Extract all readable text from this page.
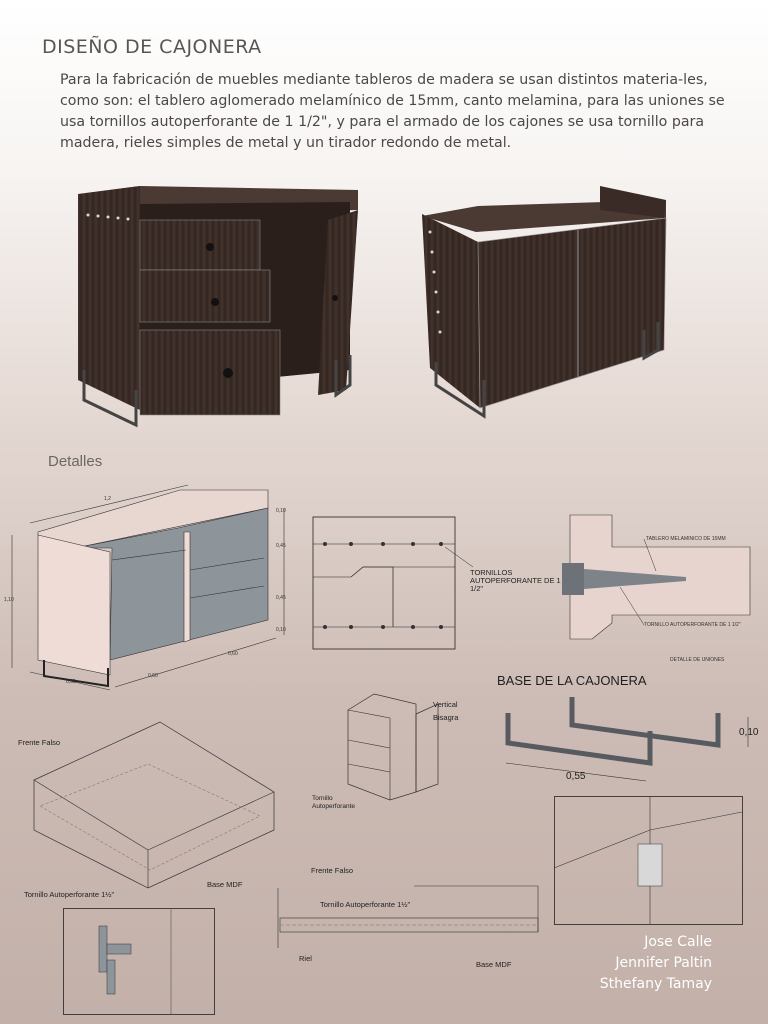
DISEÑO DE CAJONERA
Para la fabricación de muebles mediante tableros de madera se usan distintos materia-les, como son: el tablero aglomerado melamínico de 15mm, canto melamina, para las uniones se usa tornillos autoperforante de 1 1/2", y para el armado de los cajones se usa tornillo para madera, rieles simples de metal y un tirador redondo de metal.
Detalles
1,2
1,10
0,55
0,60
0,60
0,10
0,45
0,45
0,10
TORNILLOS AUTOPERFORANTE DE 1 1/2"
TABLERO MELAMINICO DE 15MM
TORNILLO AUTOPERFORANTE DE 1 1/2"
DETALLE DE UNIONES
BASE DE LA CAJONERA
0,10
0,55
Vertical
Bisagra
Tornillo Autoperforante
Frente Falso
Base MDF
Tornillo Autoperforante 1½"
Frente Falso
Tornillo Autoperforante 1½"
Riel
Base MDF
Jose Calle
Jennifer Paltin
Sthefany Tamay
